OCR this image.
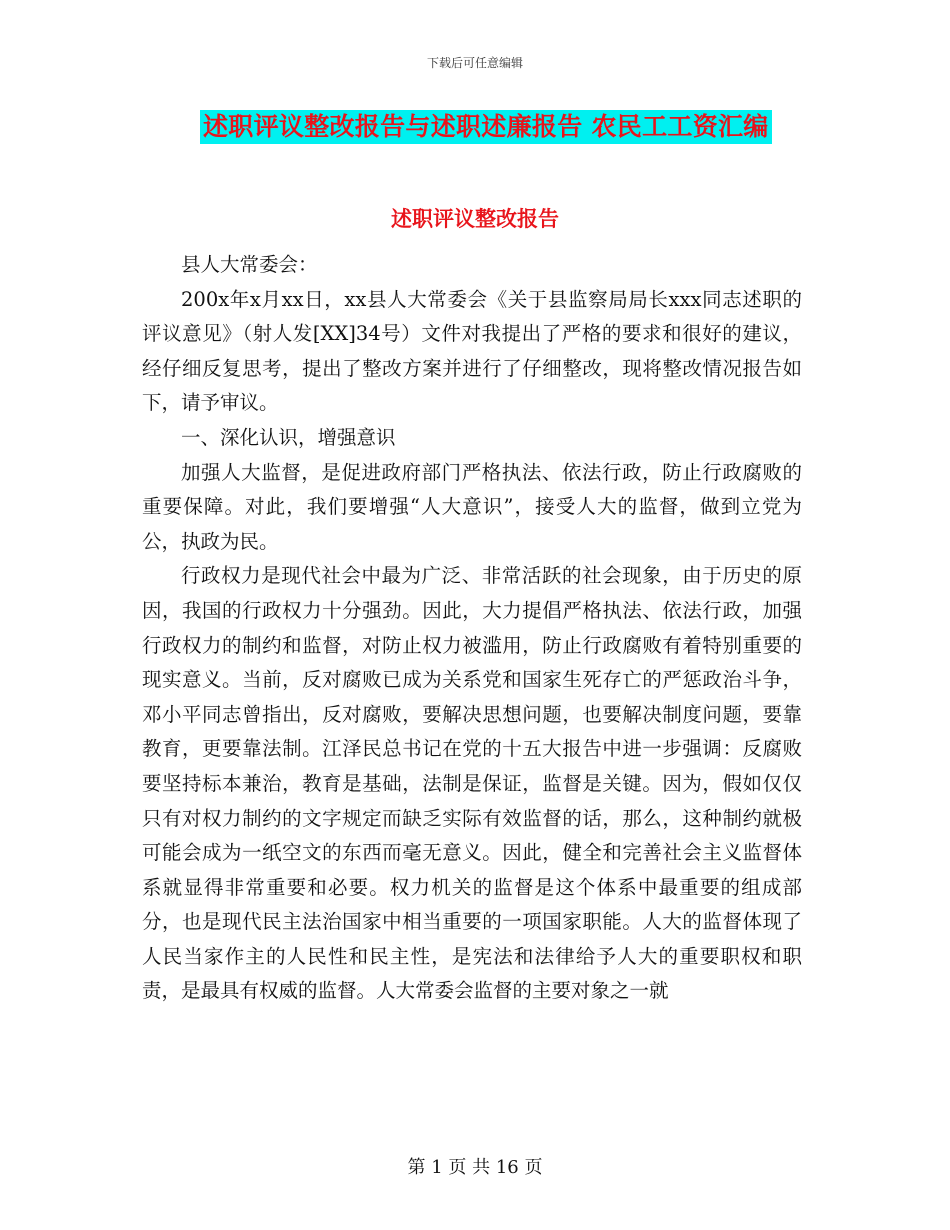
下载后可任意编辑
述职评议整改报告与述职述廉报告 农民工工资汇编
述职评议整改报告

县人大常委会：

200x年x月xx日，xx县人大常委会《关于县监察局局长xxx同志述职的评议意见》（射人发[XX]34号）文件对我提出了严格的要求和很好的建议，经仔细反复思考，提出了整改方案并进行了仔细整改，现将整改情况报告如下，请予审议。

一、深化认识，增强意识

加强人大监督，是促进政府部门严格执法、依法行政，防止行政腐败的重要保障。对此，我们要增强“人大意识”，接受人大的监督，做到立党为公，执政为民。

行政权力是现代社会中最为广泛、非常活跃的社会现象，由于历史的原因，我国的行政权力十分强劲。因此，大力提倡严格执法、依法行政，加强行政权力的制约和监督，对防止权力被滥用，防止行政腐败有着特别重要的现实意义。当前，反对腐败已成为关系党和国家生死存亡的严惩政治斗争，邓小平同志曾指出，反对腐败，要解决思想问题，也要解决制度问题，要靠教育，更要靠法制。江泽民总书记在党的十五大报告中进一步强调：反腐败要坚持标本兼治，教育是基础，法制是保证，监督是关键。因为，假如仅仅只有对权力制约的文字规定而缺乏实际有效监督的话，那么，这种制约就极可能会成为一纸空文的东西而毫无意义。因此，健全和完善社会主义监督体系就显得非常重要和必要。权力机关的监督是这个体系中最重要的组成部分，也是现代民主法治国家中相当重要的一项国家职能。人大的监督体现了人民当家作主的人民性和民主性，是宪法和法律给予人大的重要职权和职责，是最具有权威的监督。人大常委会监督的主要对象之一就

第 1 页 共 16 页
